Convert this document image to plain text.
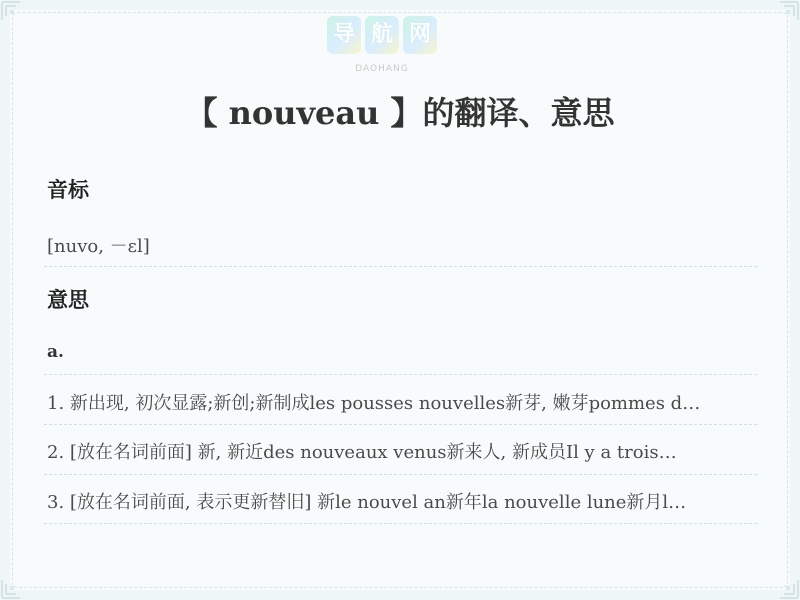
导 航 网
DAOHANG
【 nouveau 】的翻译、意思
音标
[nuvo, －ɛl]
意思
a.
1. 新出现, 初次显露;新创;新制成les pousses nouvelles新芽, 嫩芽pommes d…
2. [放在名词前面] 新, 新近des nouveaux venus新来人, 新成员Il y a trois…
3. [放在名词前面, 表示更新替旧] 新le nouvel an新年la nouvelle lune新月l…
